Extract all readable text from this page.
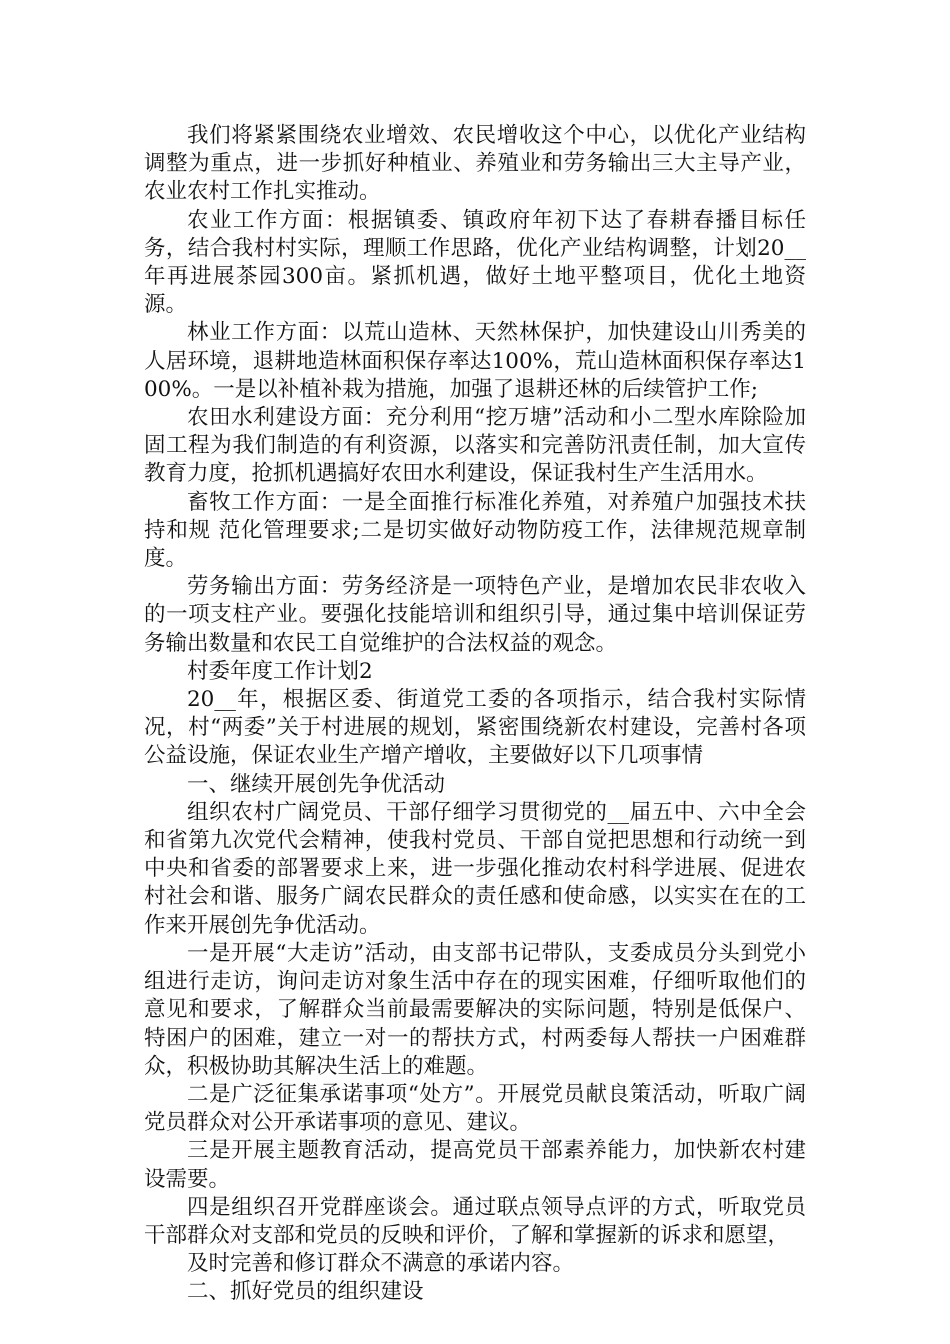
我们将紧紧围绕农业增效、农民增收这个中心，以优化产业结构调整为重点，进一步抓好种植业、养殖业和劳务输出三大主导产业，农业农村工作扎实推动。

农业工作方面：根据镇委、镇政府年初下达了春耕春播目标任务，结合我村村实际，理顺工作思路，优化产业结构调整，计划20__年再进展茶园300亩。紧抓机遇，做好土地平整项目，优化土地资源。

林业工作方面：以荒山造林、天然林保护，加快建设山川秀美的人居环境，退耕地造林面积保存率达100%，荒山造林面积保存率达100%。一是以补植补栽为措施，加强了退耕还林的后续管护工作;

农田水利建设方面：充分利用“挖万塘”活动和小二型水库除险加固工程为我们制造的有利资源，以落实和完善防汛责任制，加大宣传教育力度，抢抓机遇搞好农田水利建设，保证我村生产生活用水。

畜牧工作方面：一是全面推行标准化养殖，对养殖户加强技术扶持和规 范化管理要求;二是切实做好动物防疫工作，法律规范规章制度。

劳务输出方面：劳务经济是一项特色产业，是增加农民非农收入的一项支柱产业。要强化技能培训和组织引导，通过集中培训保证劳务输出数量和农民工自觉维护的合法权益的观念。

村委年度工作计划2

20__年，根据区委、街道党工委的各项指示，结合我村实际情况，村“两委”关于村进展的规划，紧密围绕新农村建设，完善村各项公益设施，保证农业生产增产增收，主要做好以下几项事情

一、继续开展创先争优活动

组织农村广阔党员、干部仔细学习贯彻党的__届五中、六中全会和省第九次党代会精神，使我村党员、干部自觉把思想和行动统一到中央和省委的部署要求上来，进一步强化推动农村科学进展、促进农村社会和谐、服务广阔农民群众的责任感和使命感，以实实在在的工作来开展创先争优活动。

一是开展“大走访”活动，由支部书记带队，支委成员分头到党小组进行走访，询问走访对象生活中存在的现实困难，仔细听取他们的意见和要求，了解群众当前最需要解决的实际问题，特别是低保户、特困户的困难，建立一对一的帮扶方式，村两委每人帮扶一户困难群众，积极协助其解决生活上的难题。

二是广泛征集承诺事项“处方”。开展党员献良策活动，听取广阔党员群众对公开承诺事项的意见、建议。

三是开展主题教育活动，提高党员干部素养能力，加快新农村建设需要。

四是组织召开党群座谈会。通过联点领导点评的方式，听取党员干部群众对支部和党员的反映和评价，了解和掌握新的诉求和愿望，

及时完善和修订群众不满意的承诺内容。

二、抓好党员的组织建设
